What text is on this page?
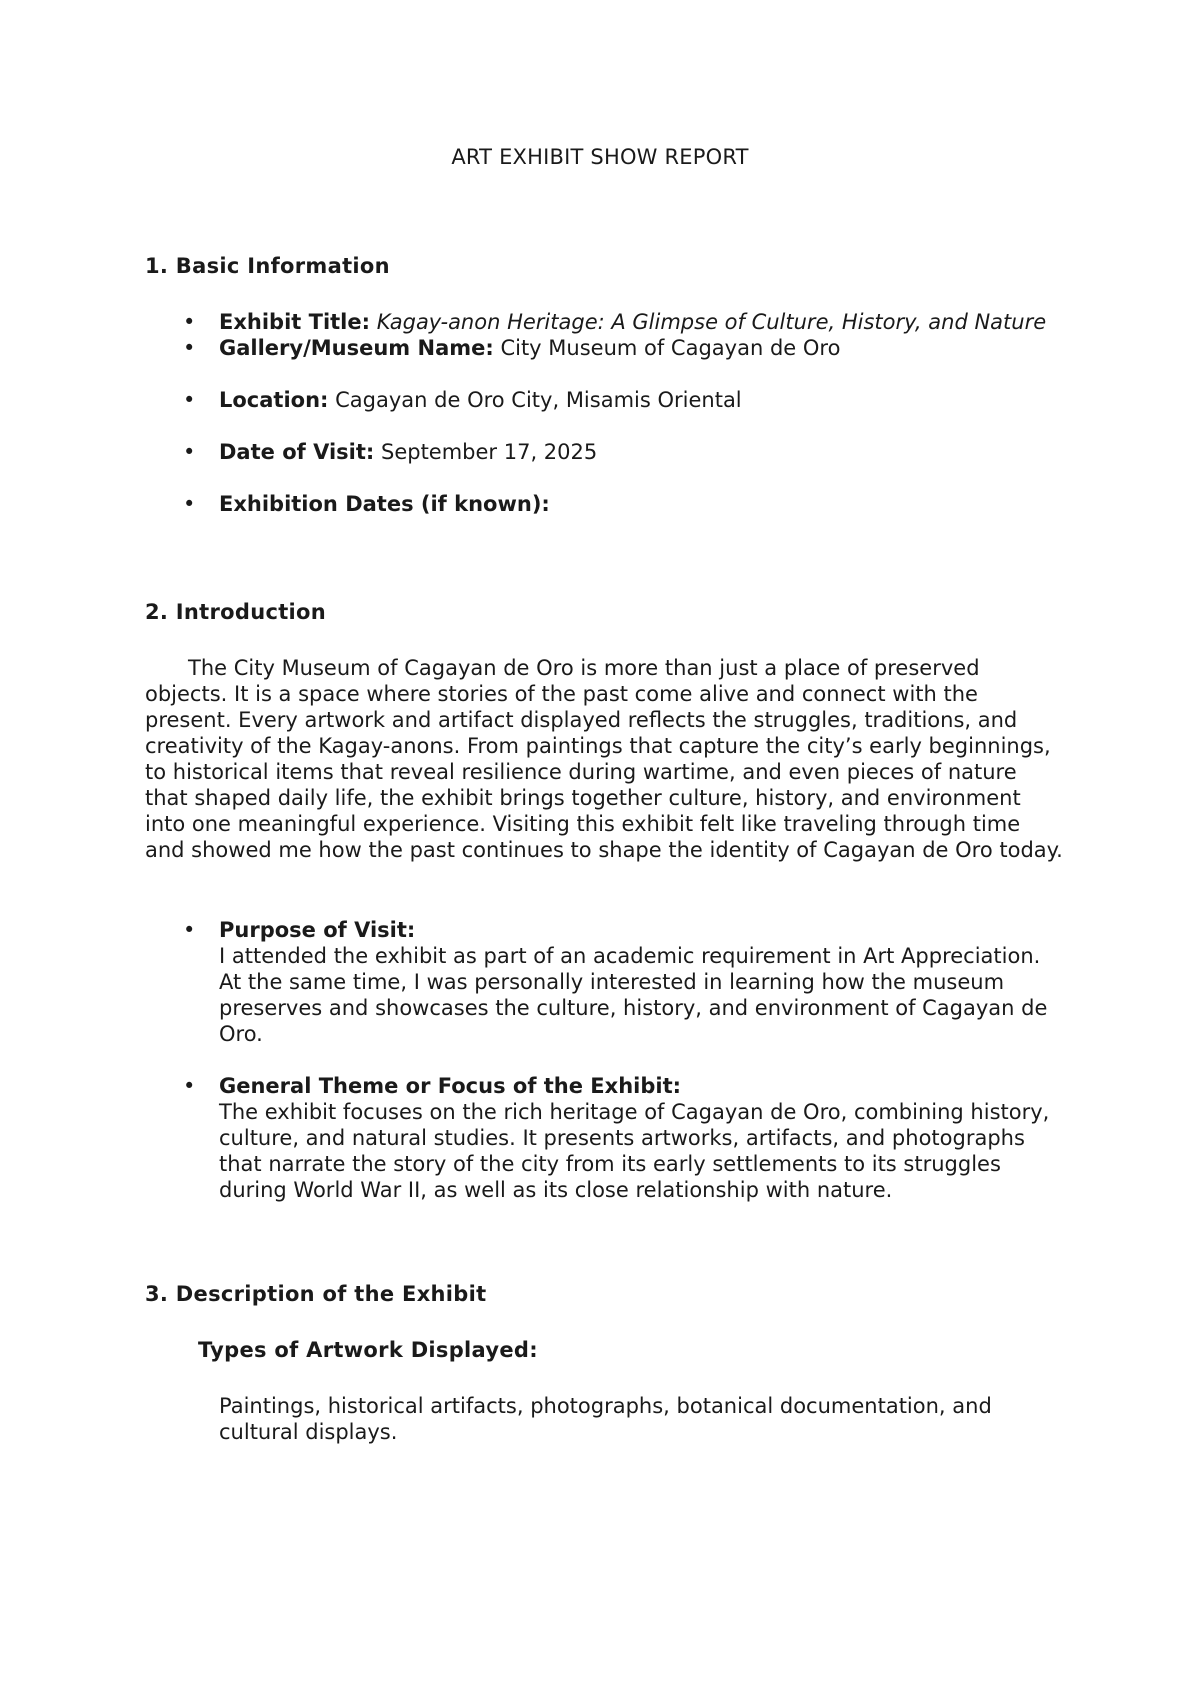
ART EXHIBIT SHOW REPORT
1. Basic Information
• Exhibit Title: Kagay-anon Heritage: A Glimpse of Culture, History, and Nature
• Gallery/Museum Name: City Museum of Cagayan de Oro
• Location: Cagayan de Oro City, Misamis Oriental
• Date of Visit: September 17, 2025
• Exhibition Dates (if known):
2. Introduction

The City Museum of Cagayan de Oro is more than just a place of preserved objects. It is a space where stories of the past come alive and connect with the present. Every artwork and artifact displayed reflects the struggles, traditions, and creativity of the Kagay-anons. From paintings that capture the city’s early beginnings, to historical items that reveal resilience during wartime, and even pieces of nature that shaped daily life, the exhibit brings together culture, history, and environment into one meaningful experience. Visiting this exhibit felt like traveling through time and showed me how the past continues to shape the identity of Cagayan de Oro today.

• Purpose of Visit:
I attended the exhibit as part of an academic requirement in Art Appreciation. At the same time, I was personally interested in learning how the museum preserves and showcases the culture, history, and environment of Cagayan de Oro.
• General Theme or Focus of the Exhibit:
The exhibit focuses on the rich heritage of Cagayan de Oro, combining history, culture, and natural studies. It presents artworks, artifacts, and photographs that narrate the story of the city from its early settlements to its struggles during World War II, as well as its close relationship with nature.
3. Description of the Exhibit
Types of Artwork Displayed:

Paintings, historical artifacts, photographs, botanical documentation, and cultural displays.
